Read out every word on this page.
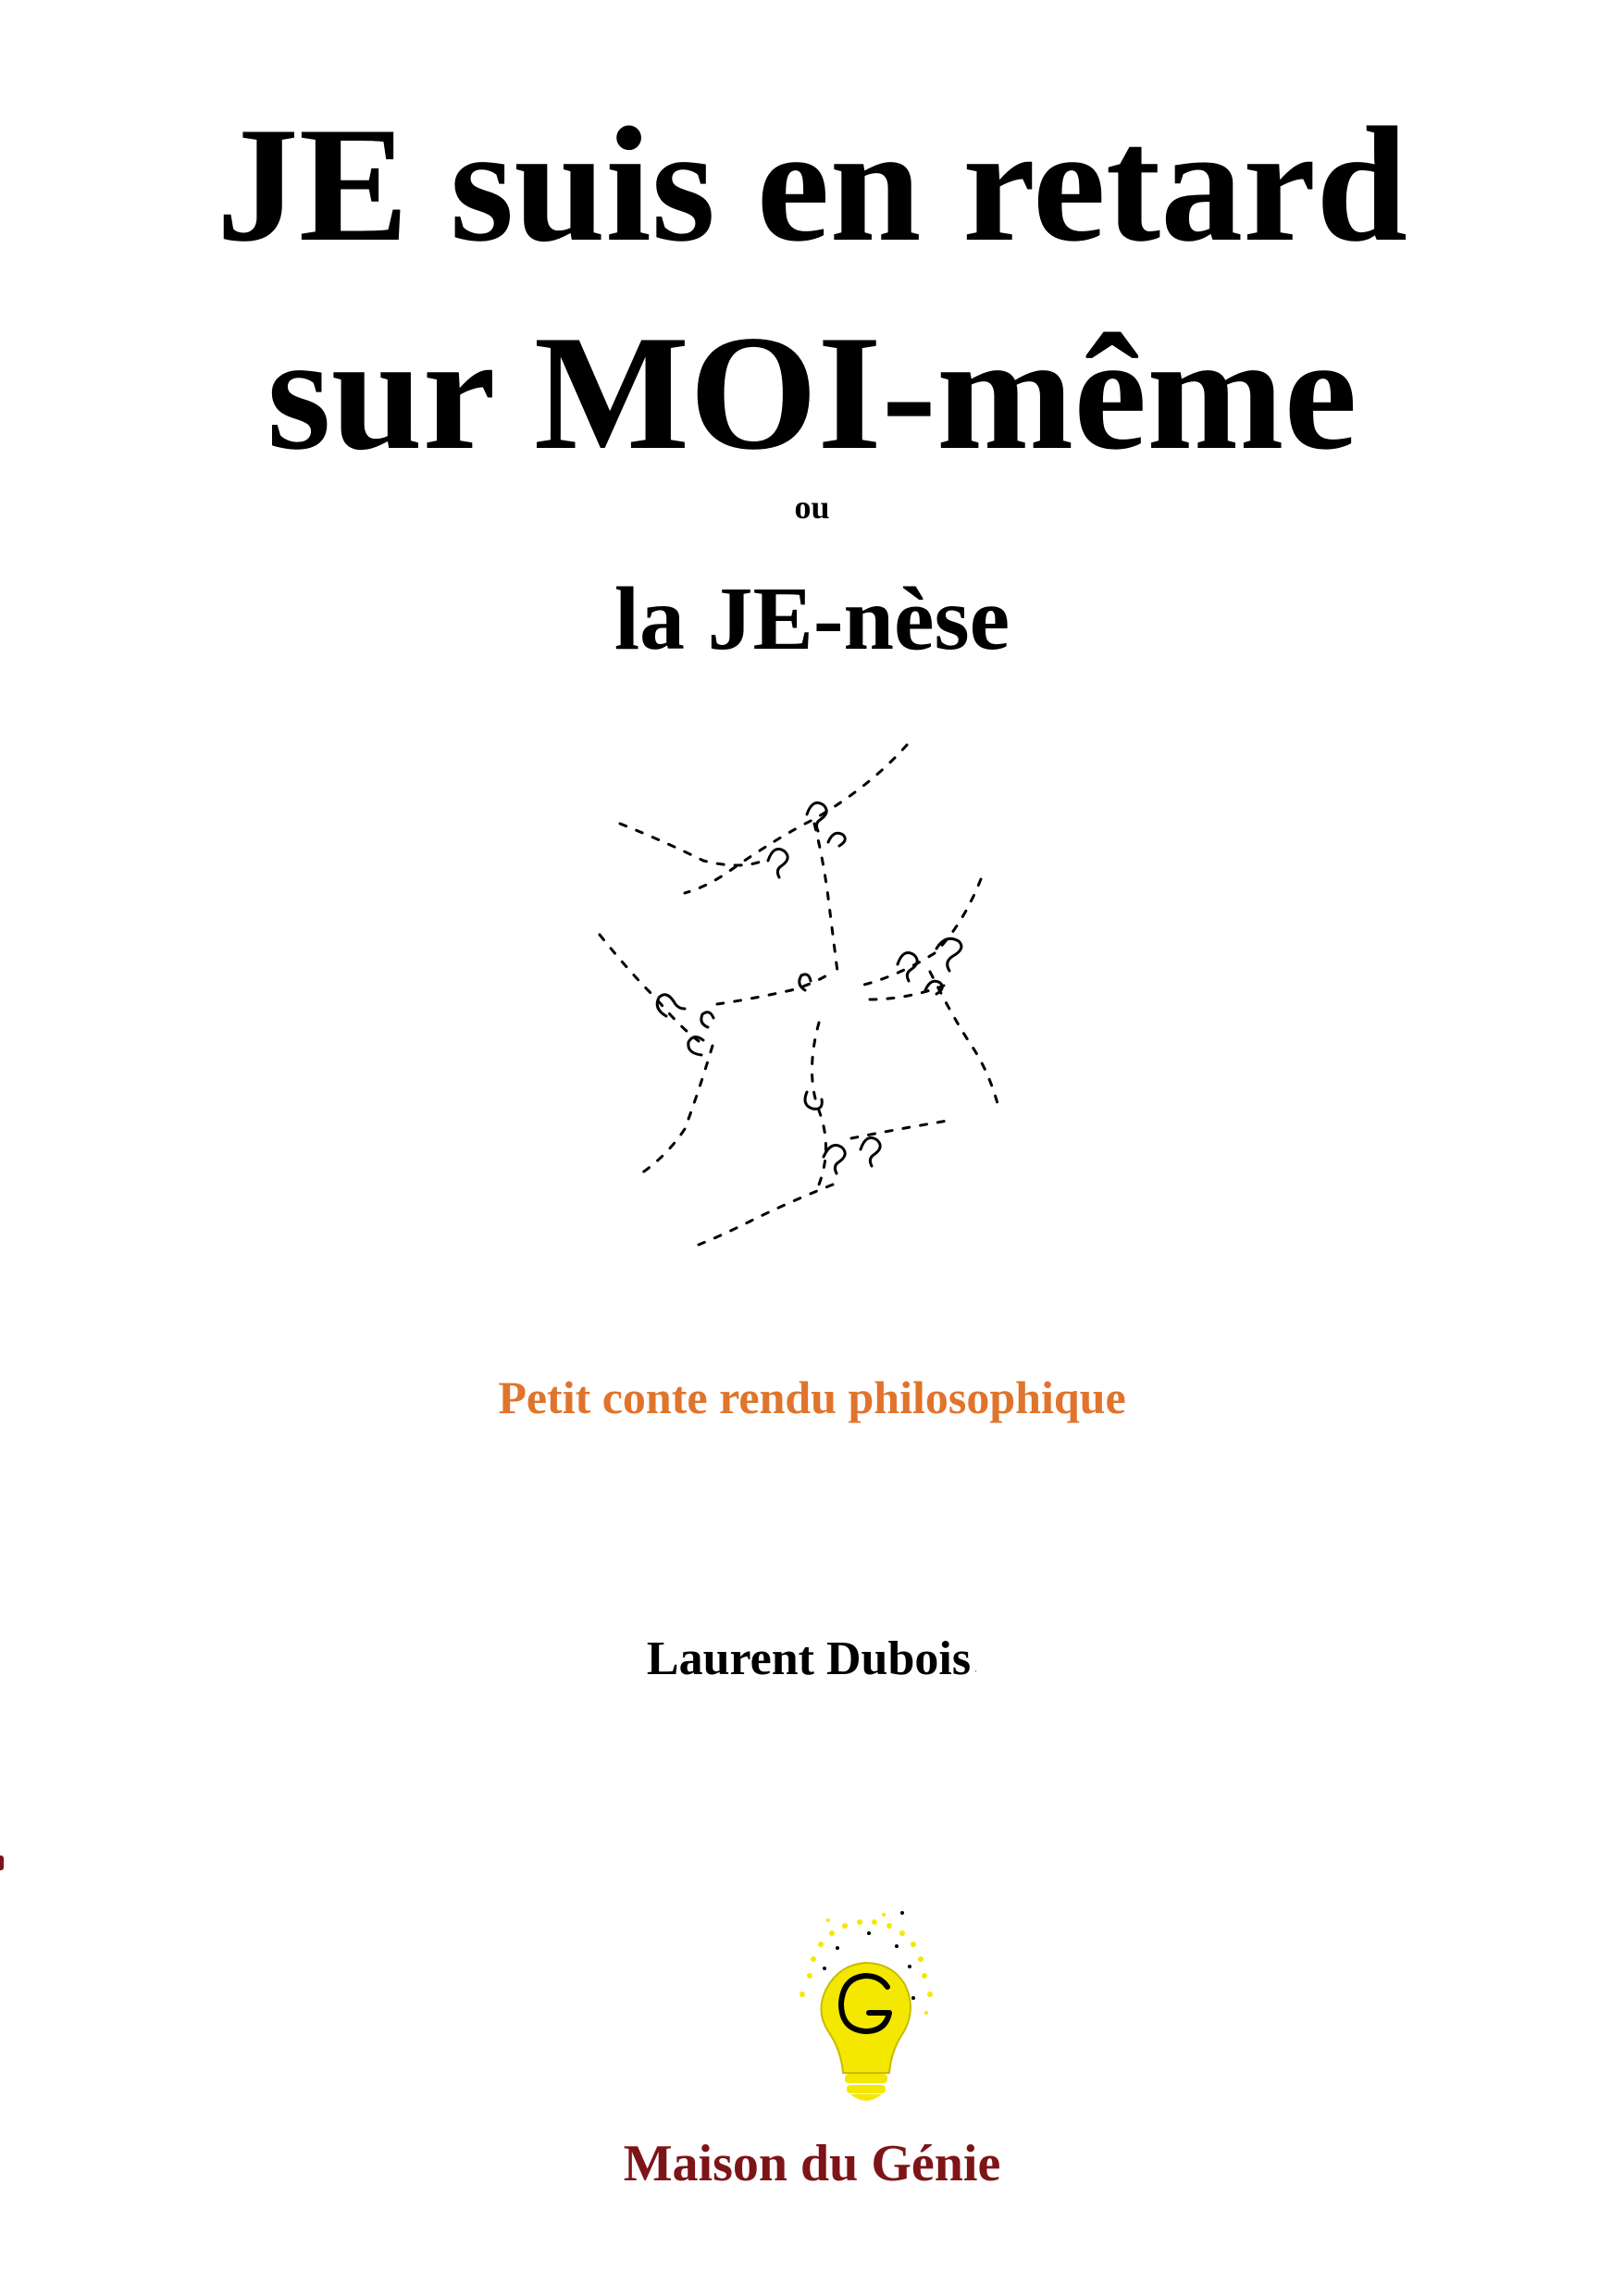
JE suis en retard
sur MOI-même
ou
la JE-nèse
Petit conte rendu philosophique
Laurent Dubois ·
Maison du Génie
